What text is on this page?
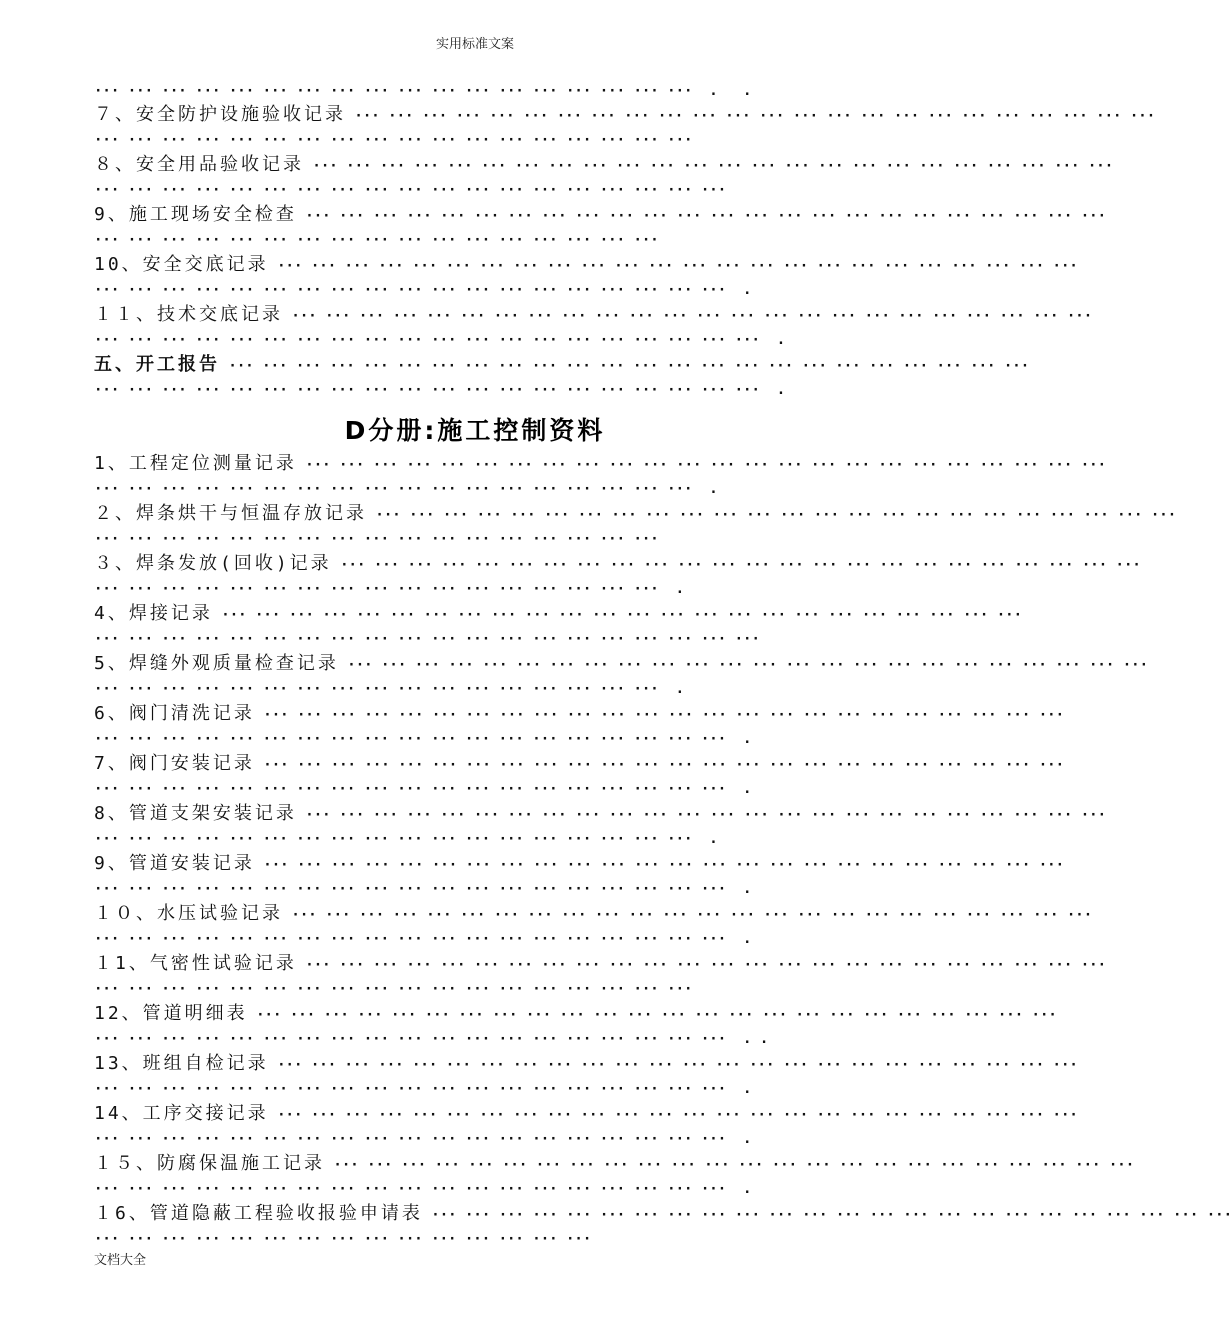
实用标准文案
··· ··· ··· ··· ··· ··· ··· ··· ··· ··· ··· ··· ··· ··· ··· ··· ··· ···  .   .
７、安全防护设施验收记录 ··· ··· ··· ··· ··· ··· ··· ··· ··· ··· ··· ··· ··· ··· ··· ··· ··· ··· ··· ··· ··· ··· ··· ···
··· ··· ··· ··· ··· ··· ··· ··· ··· ··· ··· ··· ··· ··· ··· ··· ··· ···
８、安全用品验收记录 ··· ··· ··· ··· ··· ··· ··· ··· ··· ··· ··· ··· ··· ··· ··· ··· ··· ··· ··· ··· ··· ··· ··· ···
··· ··· ··· ··· ··· ··· ··· ··· ··· ··· ··· ··· ··· ··· ··· ··· ··· ··· ···
9、施工现场安全检查 ··· ··· ··· ··· ··· ··· ··· ··· ··· ··· ··· ··· ··· ··· ··· ··· ··· ··· ··· ··· ··· ··· ··· ···
··· ··· ··· ··· ··· ··· ··· ··· ··· ··· ··· ··· ··· ··· ··· ··· ···
10、安全交底记录 ··· ··· ··· ··· ··· ··· ··· ··· ··· ··· ··· ··· ··· ··· ··· ··· ··· ··· ··· ··· ··· ··· ··· ···
··· ··· ··· ··· ··· ··· ··· ··· ··· ··· ··· ··· ··· ··· ··· ··· ··· ··· ···  .
１１、技术交底记录 ··· ··· ··· ··· ··· ··· ··· ··· ··· ··· ··· ··· ··· ··· ··· ··· ··· ··· ··· ··· ··· ··· ··· ···
··· ··· ··· ··· ··· ··· ··· ··· ··· ··· ··· ··· ··· ··· ··· ··· ··· ··· ··· ···  .
五、开工报告 ··· ··· ··· ··· ··· ··· ··· ··· ··· ··· ··· ··· ··· ··· ··· ··· ··· ··· ··· ··· ··· ··· ··· ···
··· ··· ··· ··· ··· ··· ··· ··· ··· ··· ··· ··· ··· ··· ··· ··· ··· ··· ··· ···  .
1、工程定位测量记录 ··· ··· ··· ··· ··· ··· ··· ··· ··· ··· ··· ··· ··· ··· ··· ··· ··· ··· ··· ··· ··· ··· ··· ···
··· ··· ··· ··· ··· ··· ··· ··· ··· ··· ··· ··· ··· ··· ··· ··· ··· ···  .
２、焊条烘干与恒温存放记录 ··· ··· ··· ··· ··· ··· ··· ··· ··· ··· ··· ··· ··· ··· ··· ··· ··· ··· ··· ··· ··· ··· ··· ···
··· ··· ··· ··· ··· ··· ··· ··· ··· ··· ··· ··· ··· ··· ··· ··· ···
３、焊条发放(回收)记录 ··· ··· ··· ··· ··· ··· ··· ··· ··· ··· ··· ··· ··· ··· ··· ··· ··· ··· ··· ··· ··· ··· ··· ···
··· ··· ··· ··· ··· ··· ··· ··· ··· ··· ··· ··· ··· ··· ··· ··· ···  .
4、焊接记录 ··· ··· ··· ··· ··· ··· ··· ··· ··· ··· ··· ··· ··· ··· ··· ··· ··· ··· ··· ··· ··· ··· ··· ···
··· ··· ··· ··· ··· ··· ··· ··· ··· ··· ··· ··· ··· ··· ··· ··· ··· ··· ··· ···
5、焊缝外观质量检查记录 ··· ··· ··· ··· ··· ··· ··· ··· ··· ··· ··· ··· ··· ··· ··· ··· ··· ··· ··· ··· ··· ··· ··· ···
··· ··· ··· ··· ··· ··· ··· ··· ··· ··· ··· ··· ··· ··· ··· ··· ···  .
6、阀门清洗记录 ··· ··· ··· ··· ··· ··· ··· ··· ··· ··· ··· ··· ··· ··· ··· ··· ··· ··· ··· ··· ··· ··· ··· ···
··· ··· ··· ··· ··· ··· ··· ··· ··· ··· ··· ··· ··· ··· ··· ··· ··· ··· ···  .
7、阀门安装记录 ··· ··· ··· ··· ··· ··· ··· ··· ··· ··· ··· ··· ··· ··· ··· ··· ··· ··· ··· ··· ··· ··· ··· ···
··· ··· ··· ··· ··· ··· ··· ··· ··· ··· ··· ··· ··· ··· ··· ··· ··· ··· ···  .
8、管道支架安装记录 ··· ··· ··· ··· ··· ··· ··· ··· ··· ··· ··· ··· ··· ··· ··· ··· ··· ··· ··· ··· ··· ··· ··· ···
··· ··· ··· ··· ··· ··· ··· ··· ··· ··· ··· ··· ··· ··· ··· ··· ··· ···  .
9、管道安装记录 ··· ··· ··· ··· ··· ··· ··· ··· ··· ··· ··· ··· ··· ··· ··· ··· ··· ··· ··· ··· ··· ··· ··· ···
··· ··· ··· ··· ··· ··· ··· ··· ··· ··· ··· ··· ··· ··· ··· ··· ··· ··· ···  .
１０、水压试验记录 ··· ··· ··· ··· ··· ··· ··· ··· ··· ··· ··· ··· ··· ··· ··· ··· ··· ··· ··· ··· ··· ··· ··· ···
··· ··· ··· ··· ··· ··· ··· ··· ··· ··· ··· ··· ··· ··· ··· ··· ··· ··· ···  .
１1、气密性试验记录 ··· ··· ··· ··· ··· ··· ··· ··· ··· ··· ··· ··· ··· ··· ··· ··· ··· ··· ··· ··· ··· ··· ··· ···
··· ··· ··· ··· ··· ··· ··· ··· ··· ··· ··· ··· ··· ··· ··· ··· ··· ···
12、管道明细表 ··· ··· ··· ··· ··· ··· ··· ··· ··· ··· ··· ··· ··· ··· ··· ··· ··· ··· ··· ··· ··· ··· ··· ···
··· ··· ··· ··· ··· ··· ··· ··· ··· ··· ··· ··· ··· ··· ··· ··· ··· ··· ···  . .
13、班组自检记录 ··· ··· ··· ··· ··· ··· ··· ··· ··· ··· ··· ··· ··· ··· ··· ··· ··· ··· ··· ··· ··· ··· ··· ···
··· ··· ··· ··· ··· ··· ··· ··· ··· ··· ··· ··· ··· ··· ··· ··· ··· ··· ···  .
14、工序交接记录 ··· ··· ··· ··· ··· ··· ··· ··· ··· ··· ··· ··· ··· ··· ··· ··· ··· ··· ··· ··· ··· ··· ··· ···
··· ··· ··· ··· ··· ··· ··· ··· ··· ··· ··· ··· ··· ··· ··· ··· ··· ··· ···  .
１５、防腐保温施工记录 ··· ··· ··· ··· ··· ··· ··· ··· ··· ··· ··· ··· ··· ··· ··· ··· ··· ··· ··· ··· ··· ··· ··· ···
··· ··· ··· ··· ··· ··· ··· ··· ··· ··· ··· ··· ··· ··· ··· ··· ··· ··· ···  .
１6、管道隐蔽工程验收报验申请表 ··· ··· ··· ··· ··· ··· ··· ··· ··· ··· ··· ··· ··· ··· ··· ··· ··· ··· ··· ··· ··· ··· ··· ···
··· ··· ··· ··· ··· ··· ··· ··· ··· ··· ··· ··· ··· ··· ···
D分册:施工控制资料
文档大全
